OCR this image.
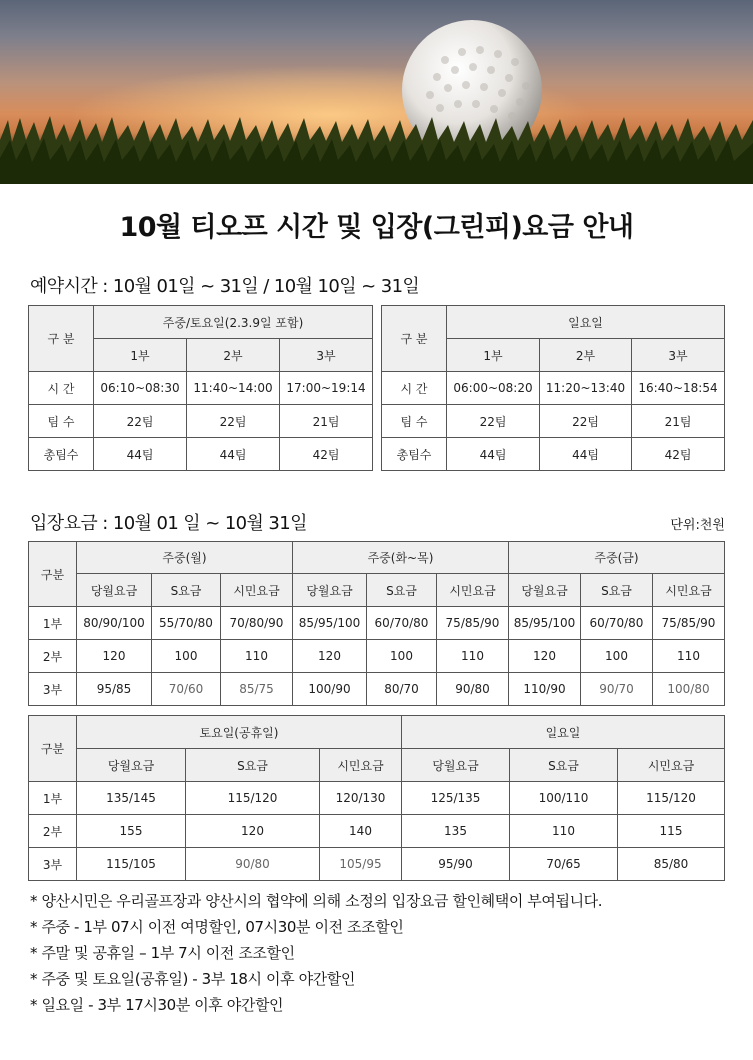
10월 티오프 시간 및 입장(그린피)요금 안내
예약시간 : 10월 01일 ~ 31일 / 10월 10일 ~ 31일
구 분	주중/토요일(2.3.9일 포함)		
	1부	2부	3부
시 간	06:10~08:30	11:40~14:00	17:00~19:14
팀 수	22팀	22팀	21팀
총팀수	44팀	44팀	42팀
구 분	일요일		
	1부	2부	3부
시 간	06:00~08:20	11:20~13:40	16:40~18:54
팀 수	22팀	22팀	21팀
총팀수	44팀	44팀	42팀
입장요금 : 10월 01 일 ~ 10월 31일	단위:천원
구분	주중(월)			주중(화~목)			주중(금)		
	당월요금	S요금	시민요금	당월요금	S요금	시민요금	당월요금	S요금	시민요금
1부	80/90/100	55/70/80	70/80/90	85/95/100	60/70/80	75/85/90	85/95/100	60/70/80	75/85/90
2부	120	100	110	120	100	110	120	100	110
3부	95/85	70/60	85/75	100/90	80/70	90/80	110/90	90/70	100/80
구분	토요일(공휴일)			일요일		
	당월요금	S요금	시민요금	당월요금	S요금	시민요금
1부	135/145	115/120	120/130	125/135	100/110	115/120
2부	155	120	140	135	110	115
3부	115/105	90/80	105/95	95/90	70/65	85/80
* 양산시민은 우리골프장과 양산시의 협약에 의해 소정의 입장요금 할인혜택이 부여됩니다.
* 주중 - 1부 07시 이전 여명할인, 07시30분 이전 조조할인
* 주말 및 공휴일 – 1부 7시 이전 조조할인
* 주중 및 토요일(공휴일) - 3부 18시 이후 야간할인
* 일요일 - 3부 17시30분 이후 야간할인
